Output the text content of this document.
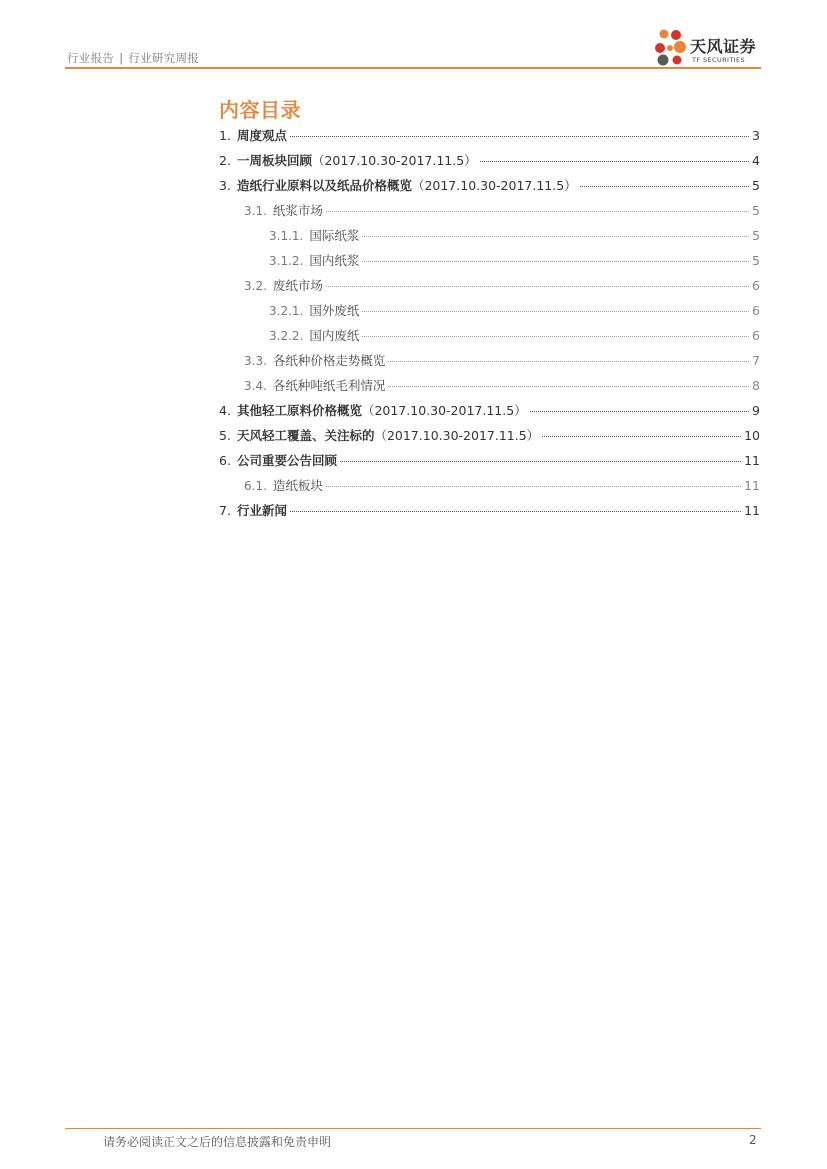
行业报告 | 行业研究周报
天风证券
TF SECURITIES
内容目录
1. 周度观点	3
2. 一周板块回顾（2017.10.30-2017.11.5）	4
3. 造纸行业原料以及纸品价格概览（2017.10.30-2017.11.5）	5
3.1. 纸浆市场	5
3.1.1. 国际纸浆	5
3.1.2. 国内纸浆	5
3.2. 废纸市场	6
3.2.1. 国外废纸	6
3.2.2. 国内废纸	6
3.3. 各纸种价格走势概览	7
3.4. 各纸种吨纸毛利情况	8
4. 其他轻工原料价格概览（2017.10.30-2017.11.5）	9
5. 天风轻工覆盖、关注标的（2017.10.30-2017.11.5）	10
6. 公司重要公告回顾	11
6.1. 造纸板块	11
7. 行业新闻	11
请务必阅读正文之后的信息披露和免责申明	2
